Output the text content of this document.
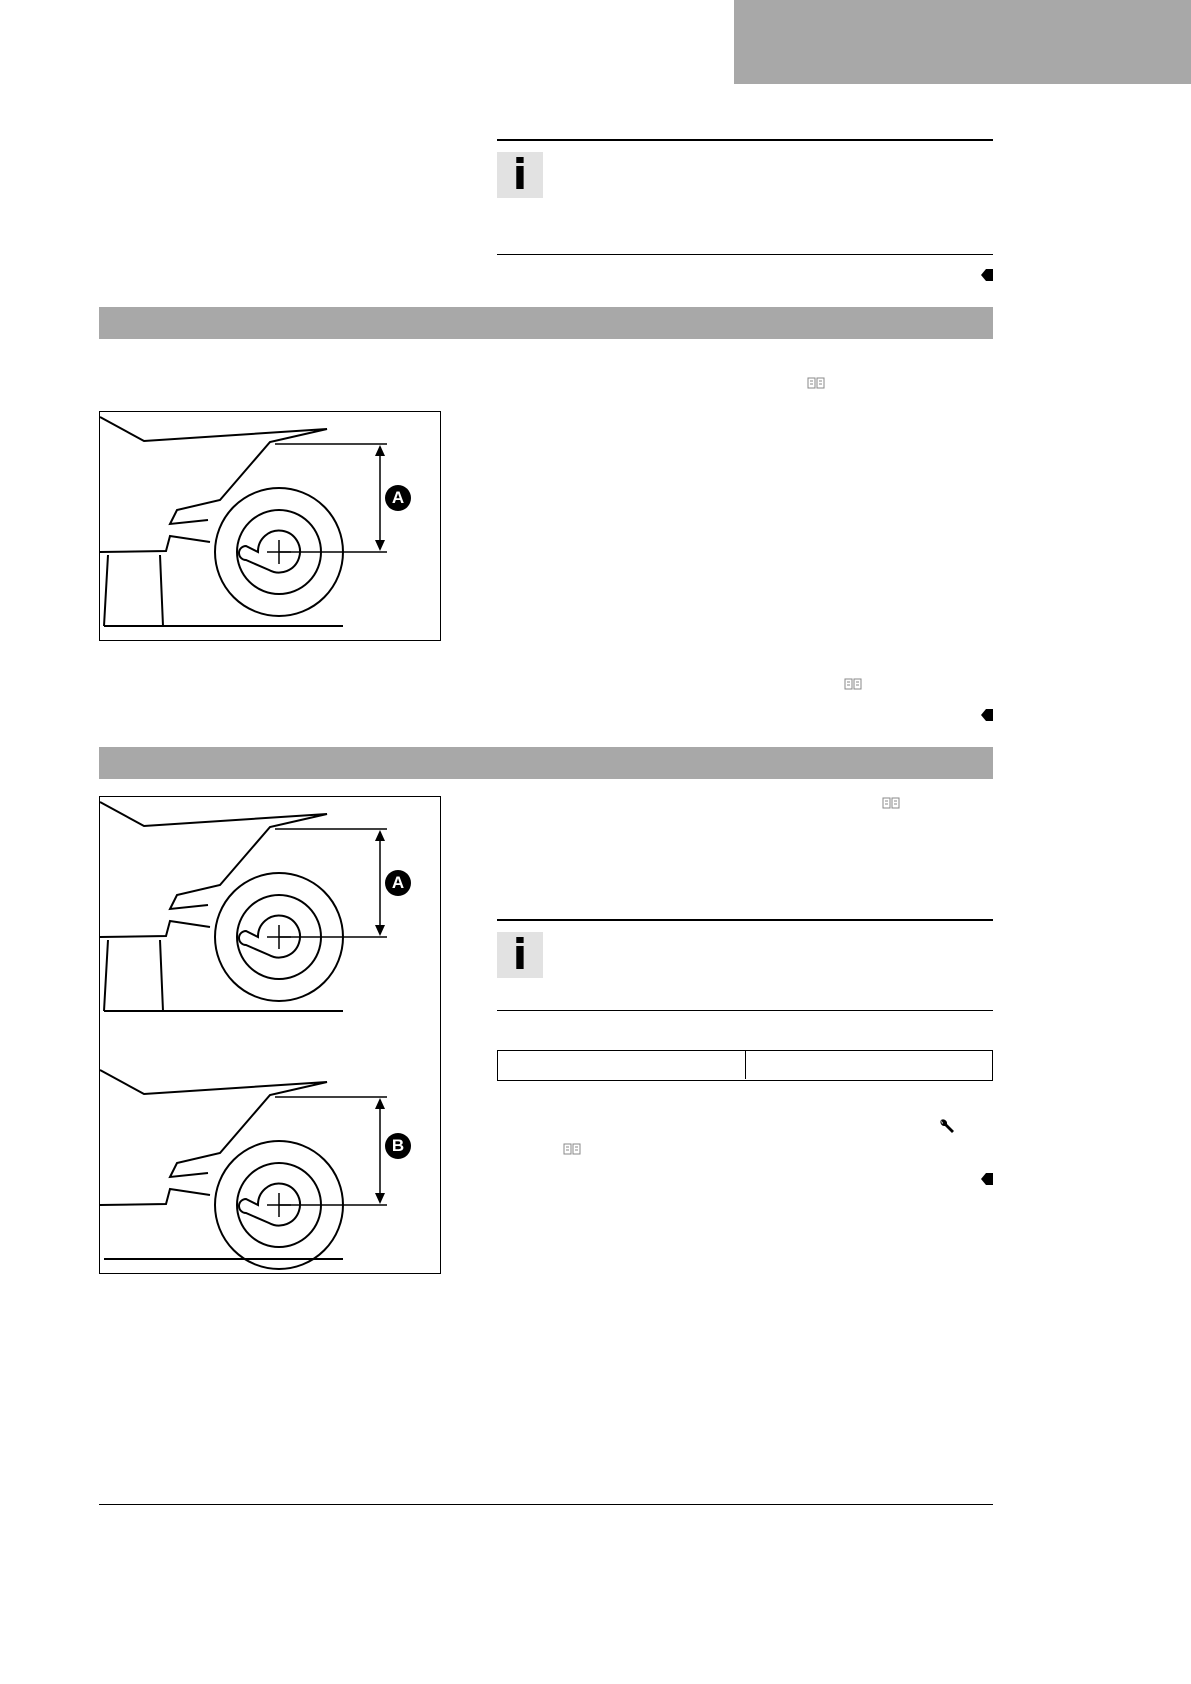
i
A
A
B
i
